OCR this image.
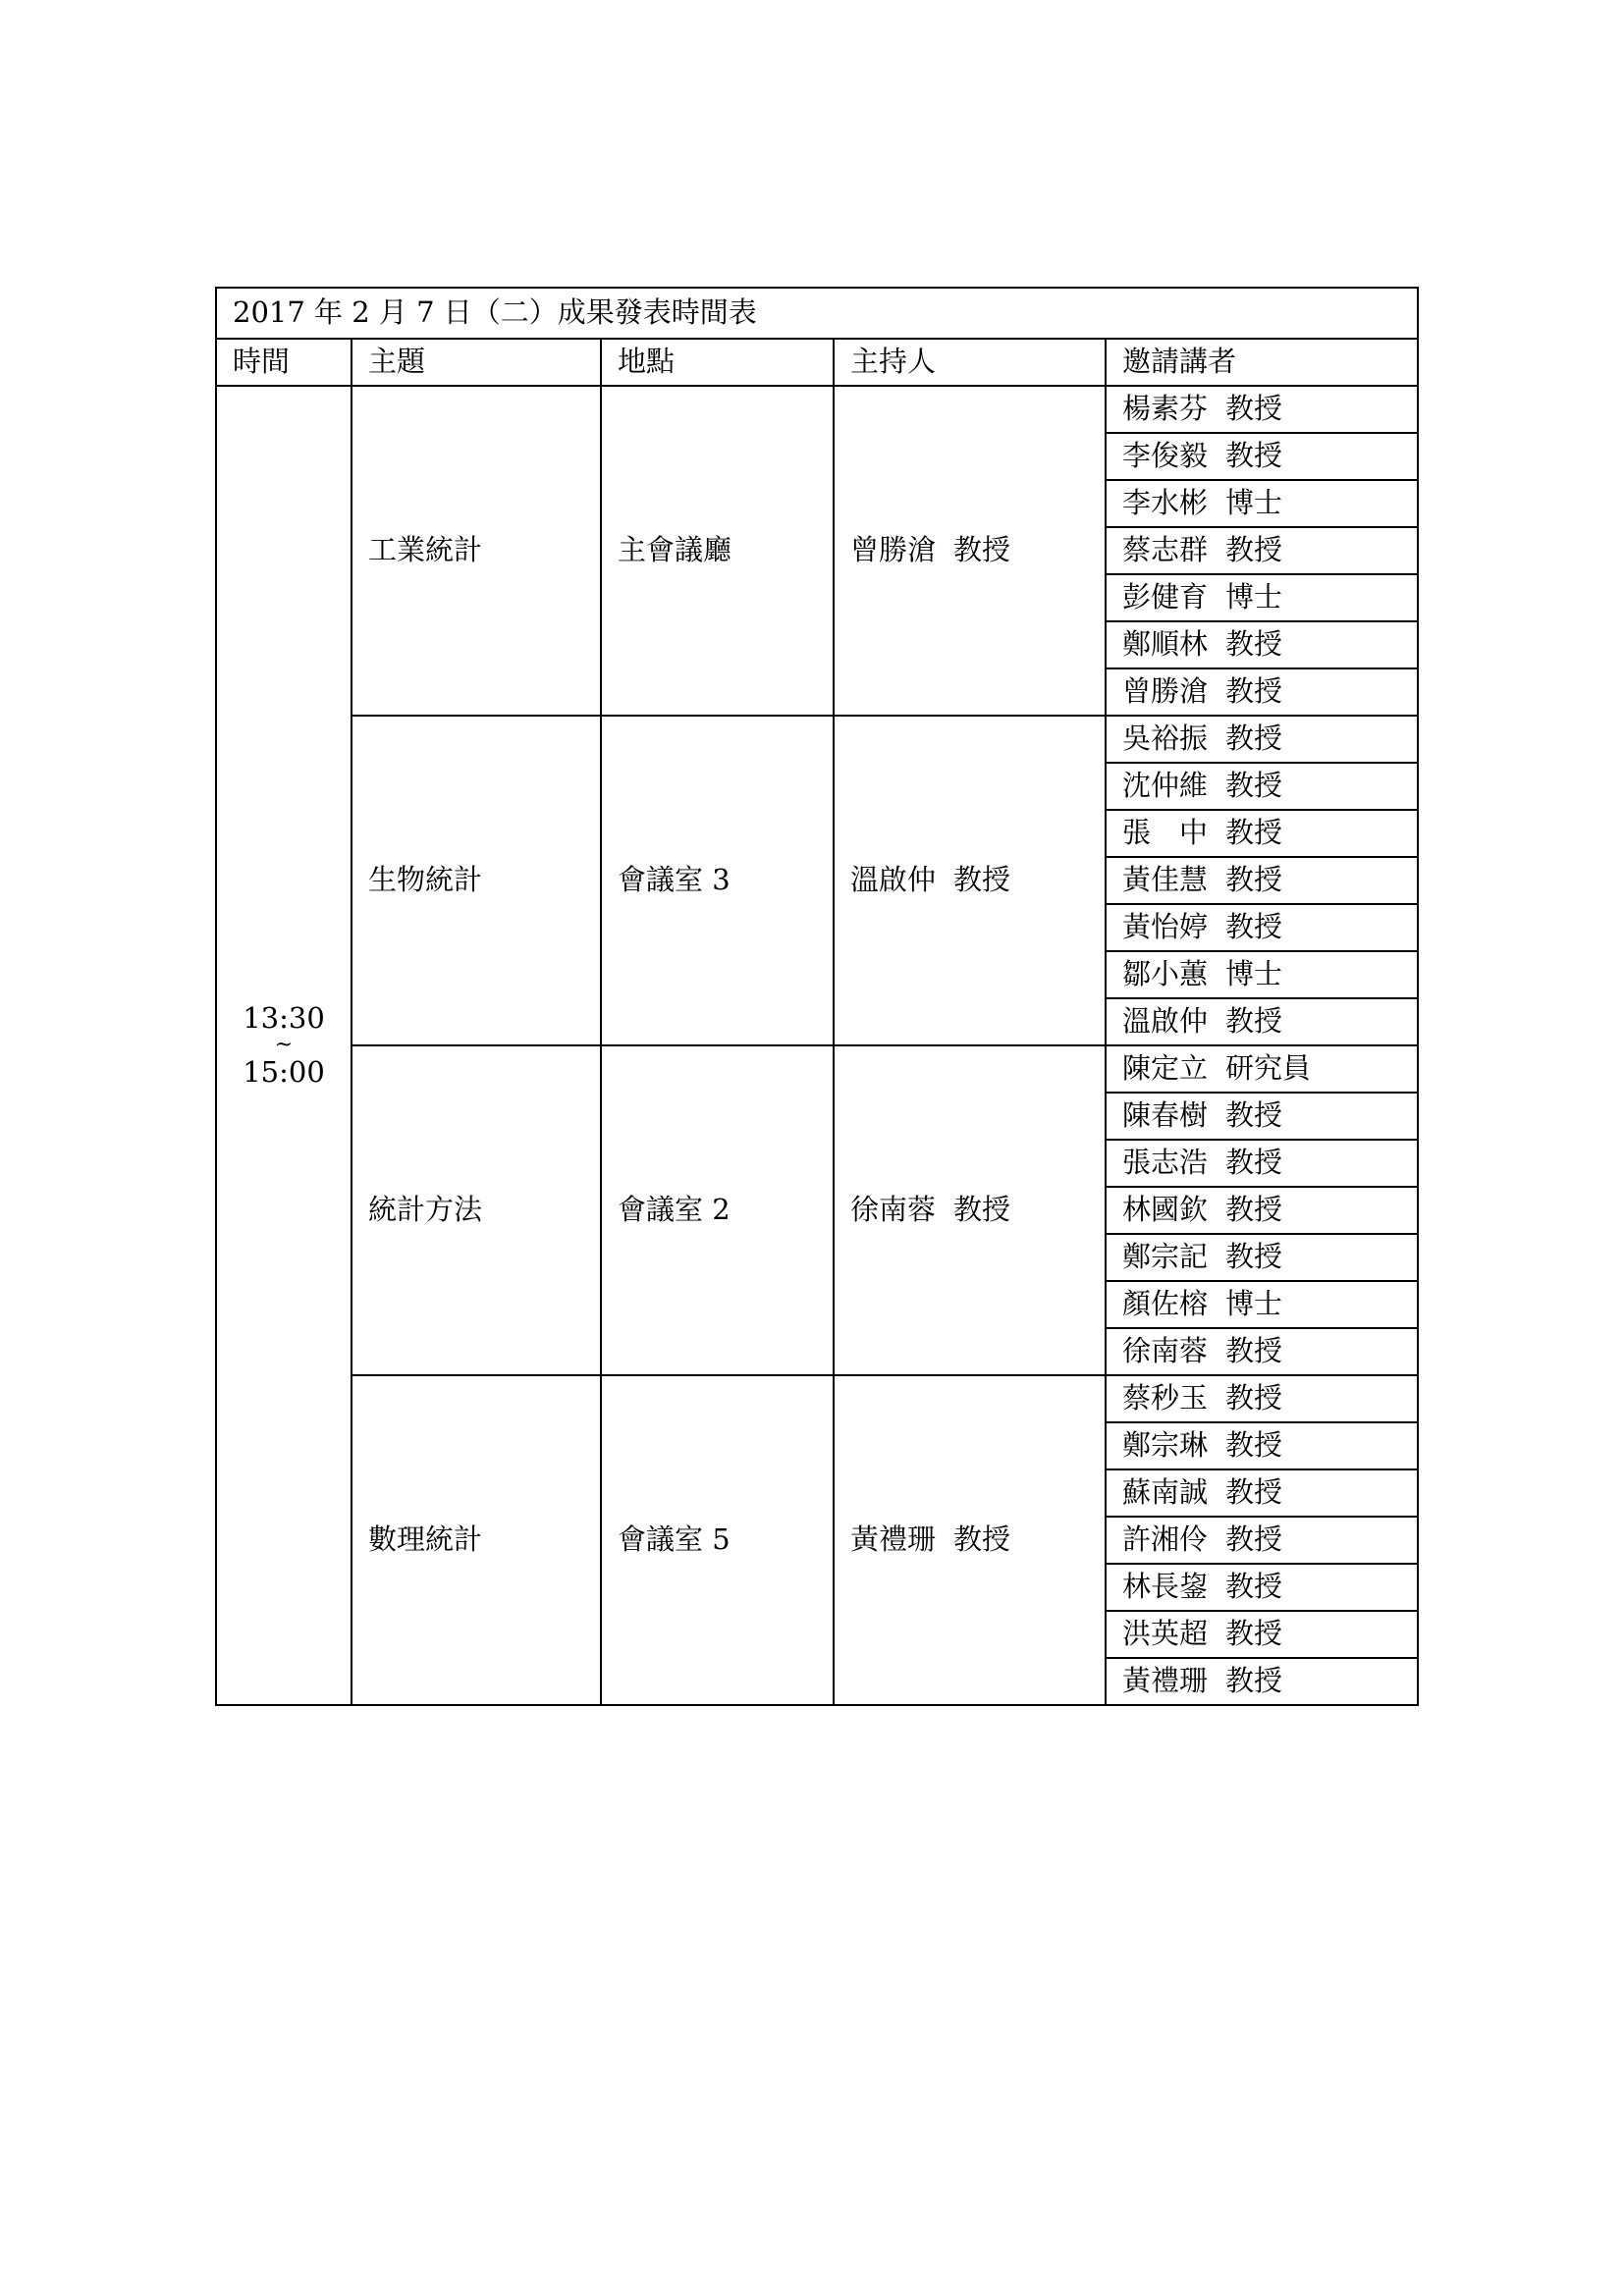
2017 年 2 月 7 日（二）成果發表時間表				
時間	主題	地點	主持人	邀請講者

13:30
~
15:00	工業統計	主會議廳	曾勝滄 教授	楊素芬 教授
				李俊毅 教授
				李水彬 博士
				蔡志群 教授
				彭健育 博士
				鄭順林 教授
				曾勝滄 教授
	生物統計	會議室 3	溫啟仲 教授	吳裕振 教授
				沈仲維 教授
				張　中 教授
				黃佳慧 教授
				黃怡婷 教授
				鄒小蕙 博士
				溫啟仲 教授
	統計方法	會議室 2	徐南蓉 教授	陳定立 研究員
				陳春樹 教授
				張志浩 教授
				林國欽 教授
				鄭宗記 教授
				顏佐榕 博士
				徐南蓉 教授
	數理統計	會議室 5	黃禮珊 教授	蔡秒玉 教授
				鄭宗琳 教授
				蘇南誠 教授
				許湘伶 教授
				林長鋆 教授
				洪英超 教授
				黃禮珊 教授
